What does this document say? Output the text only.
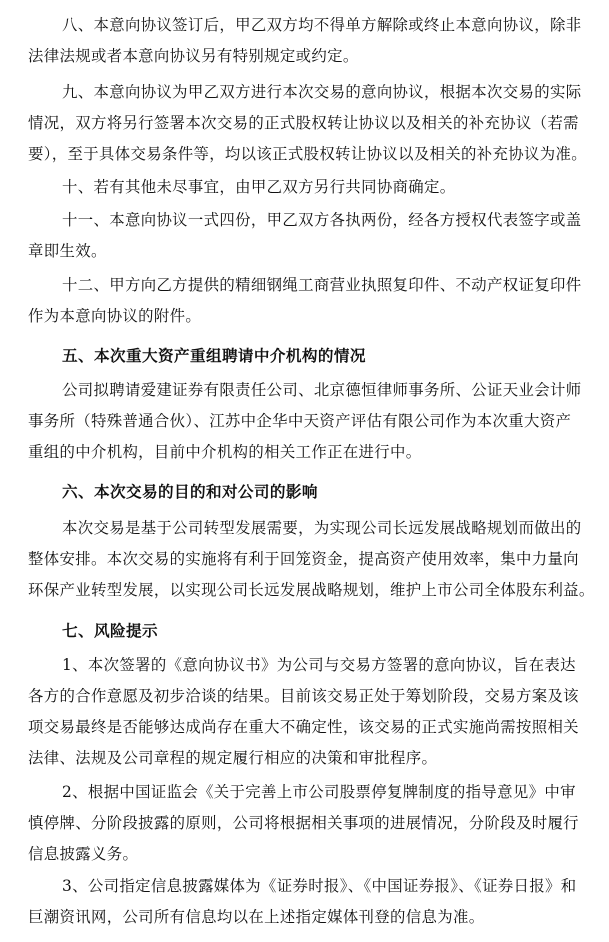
八、本意向协议签订后，甲乙双方均不得单方解除或终止本意向协议，除非
法律法规或者本意向协议另有特别规定或约定。
九、本意向协议为甲乙双方进行本次交易的意向协议，根据本次交易的实际
情况，双方将另行签署本次交易的正式股权转让协议以及相关的补充协议（若需
要），至于具体交易条件等，均以该正式股权转让协议以及相关的补充协议为准。
十、若有其他未尽事宜，由甲乙双方另行共同协商确定。
十一、本意向协议一式四份，甲乙双方各执两份，经各方授权代表签字或盖
章即生效。
十二、甲方向乙方提供的精细钢绳工商营业执照复印件、不动产权证复印件
作为本意向协议的附件。
五、本次重大资产重组聘请中介机构的情况
公司拟聘请爱建证券有限责任公司、北京德恒律师事务所、公证天业会计师
事务所（特殊普通合伙）、江苏中企华中天资产评估有限公司作为本次重大资产
重组的中介机构，目前中介机构的相关工作正在进行中。
六、本次交易的目的和对公司的影响
本次交易是基于公司转型发展需要，为实现公司长远发展战略规划而做出的
整体安排。本次交易的实施将有利于回笼资金，提高资产使用效率，集中力量向
环保产业转型发展，以实现公司长远发展战略规划，维护上市公司全体股东利益。
七、风险提示
1、本次签署的《意向协议书》为公司与交易方签署的意向协议，旨在表达
各方的合作意愿及初步洽谈的结果。目前该交易正处于筹划阶段，交易方案及该
项交易最终是否能够达成尚存在重大不确定性，该交易的正式实施尚需按照相关
法律、法规及公司章程的规定履行相应的决策和审批程序。
2、根据中国证监会《关于完善上市公司股票停复牌制度的指导意见》中审
慎停牌、分阶段披露的原则，公司将根据相关事项的进展情况，分阶段及时履行
信息披露义务。
3、公司指定信息披露媒体为《证券时报》、《中国证券报》、《证券日报》和
巨潮资讯网，公司所有信息均以在上述指定媒体刊登的信息为准。
